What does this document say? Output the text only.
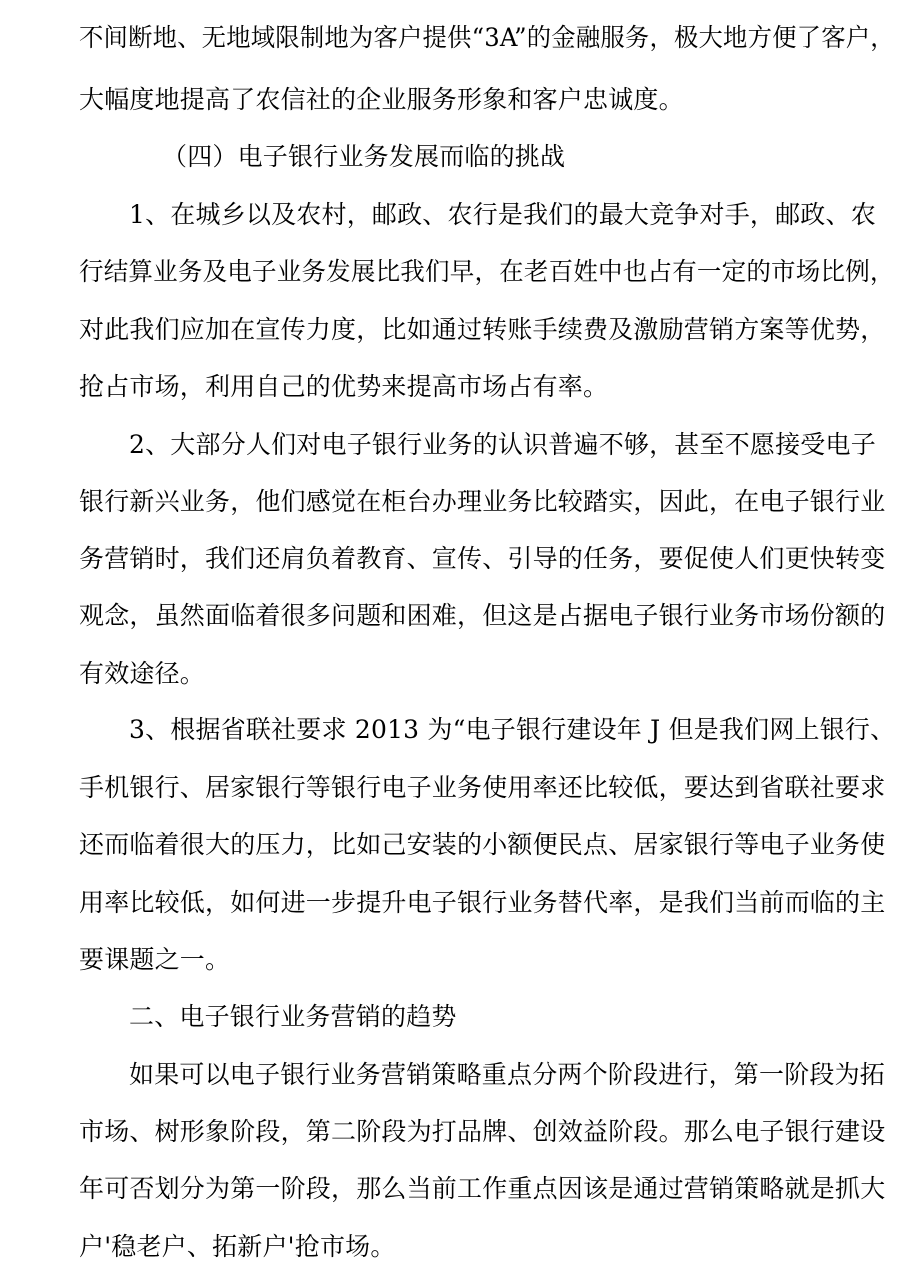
不间断地、无地域限制地为客户提供“3A”的金融服务，极大地方便了客户，
大幅度地提高了农信社的企业服务形象和客户忠诚度。
（四）电子银行业务发展而临的挑战
1、在城乡以及农村，邮政、农行是我们的最大竞争对手，邮政、农
行结算业务及电子业务发展比我们早，在老百姓中也占有一定的市场比例，
对此我们应加在宣传力度，比如通过转账手续费及激励营销方案等优势，
抢占市场，利用自己的优势来提高市场占有率。
2、大部分人们对电子银行业务的认识普遍不够，甚至不愿接受电子
银行新兴业务，他们感觉在柜台办理业务比较踏实，因此，在电子银行业
务营销时，我们还肩负着教育、宣传、引导的任务，要促使人们更快转变
观念，虽然面临着很多问题和困难，但这是占据电子银行业务市场份额的
有效途径。
3、根据省联社要求 2013 为“电子银行建设年 J 但是我们网上银行、
手机银行、居家银行等银行电子业务使用率还比较低，要达到省联社要求
还而临着很大的压力，比如己安装的小额便民点、居家银行等电子业务使
用率比较低，如何进一步提升电子银行业务替代率，是我们当前而临的主
要课题之一。
二、电子银行业务营销的趋势
如果可以电子银行业务营销策略重点分两个阶段进行，第一阶段为拓
市场、树形象阶段，第二阶段为打品牌、创效益阶段。那么电子银行建设
年可否划分为第一阶段，那么当前工作重点因该是通过营销策略就是抓大
户'稳老户、拓新户'抢市场。
